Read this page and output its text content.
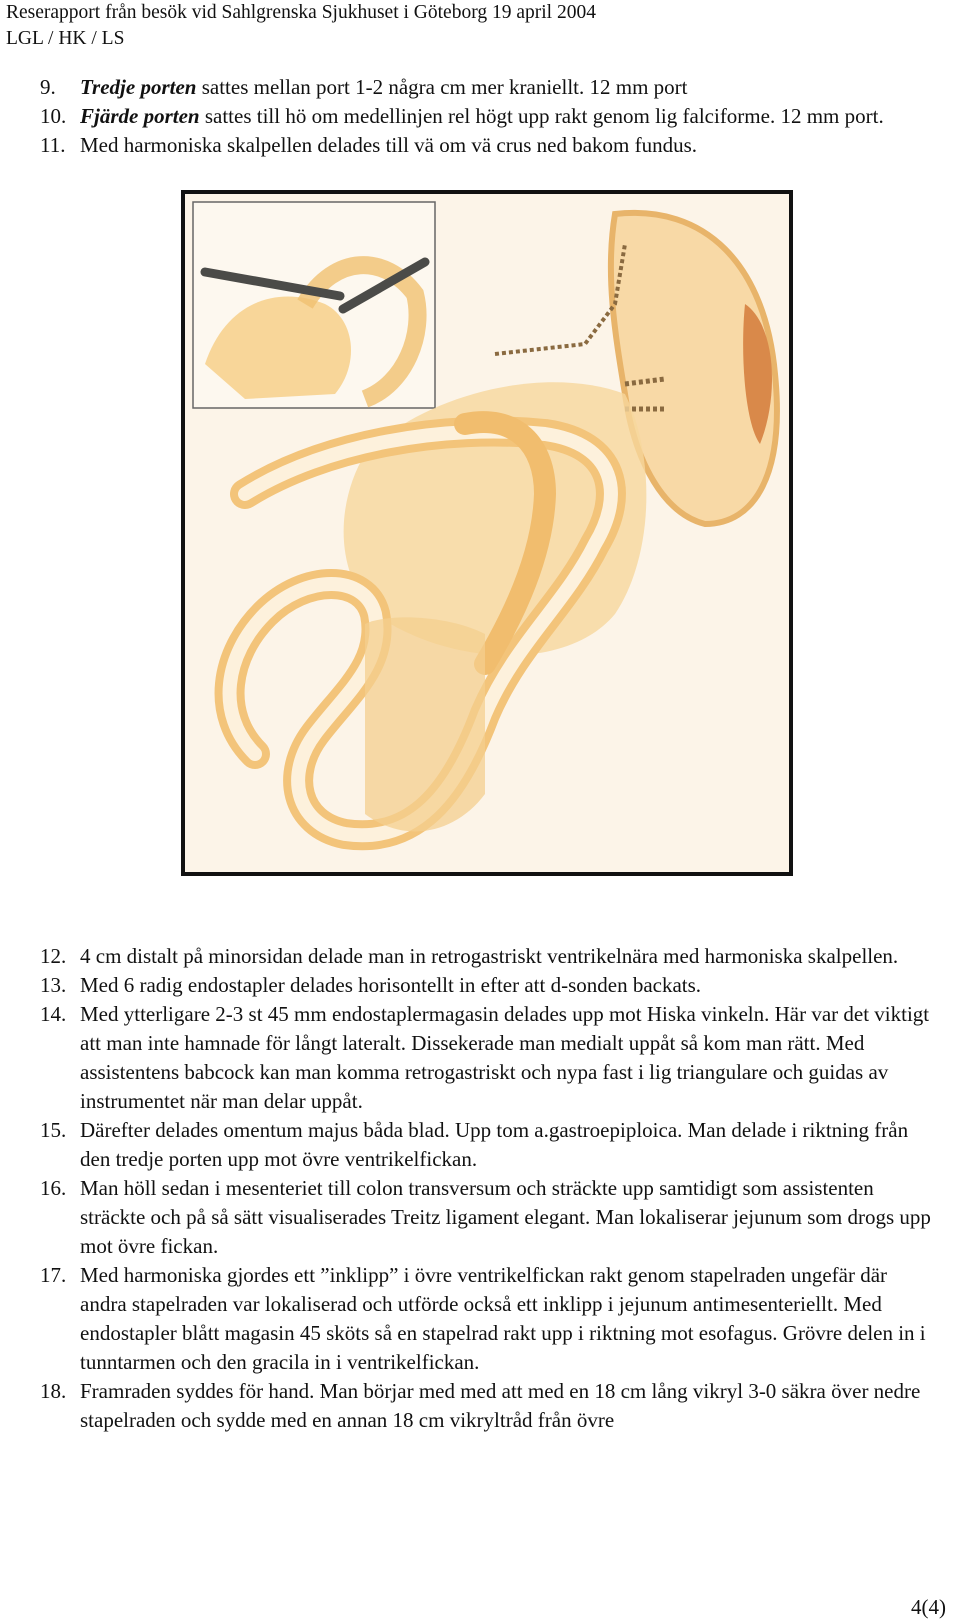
Reserapport från besök vid Sahlgrenska Sjukhuset i Göteborg 19 april 2004
LGL / HK / LS
9. Tredje porten sattes mellan port 1-2 några cm mer kraniellt. 12 mm port
10. Fjärde porten sattes till hö om medellinjen rel högt upp rakt genom lig falciforme. 12 mm port.
11. Med harmoniska skalpellen delades till vä om vä crus ned bakom fundus.
12. 4 cm distalt på minorsidan delade man in retrogastriskt ventrikelnära med harmoniska skalpellen.
13. Med 6 radig endostapler delades horisontellt in efter att d-sonden backats.
14. Med ytterligare 2-3 st 45 mm endostaplermagasin delades upp mot Hiska vinkeln. Här var det viktigt att man inte hamnade för långt lateralt. Dissekerade man medialt uppåt så kom man rätt. Med assistentens babcock kan man komma retrogastriskt och nypa fast i lig triangulare och guidas av instrumentet när man delar uppåt.
15. Därefter delades omentum majus båda blad. Upp tom a.gastroepiploica. Man delade i riktning från den tredje porten upp mot övre ventrikelfickan.
16. Man höll sedan i mesenteriet till colon transversum och sträckte upp samtidigt som assistenten sträckte och på så sätt visualiserades Treitz ligament elegant. Man lokaliserar jejunum som drogs upp mot övre fickan.
17. Med harmoniska gjordes ett ”inklipp” i övre ventrikelfickan rakt genom stapelraden ungefär där andra stapelraden var lokaliserad och utförde också ett inklipp i jejunum antimesenteriellt. Med endostapler blått magasin 45 sköts så en stapelrad rakt upp i riktning mot esofagus. Grövre delen in i tunntarmen och den gracila in i ventrikelfickan.
18. Framraden syddes för hand. Man börjar med med att med en 18 cm lång vikryl 3-0 säkra över nedre stapelraden och sydde med en annan 18 cm vikryltråd från övre
4(4)
